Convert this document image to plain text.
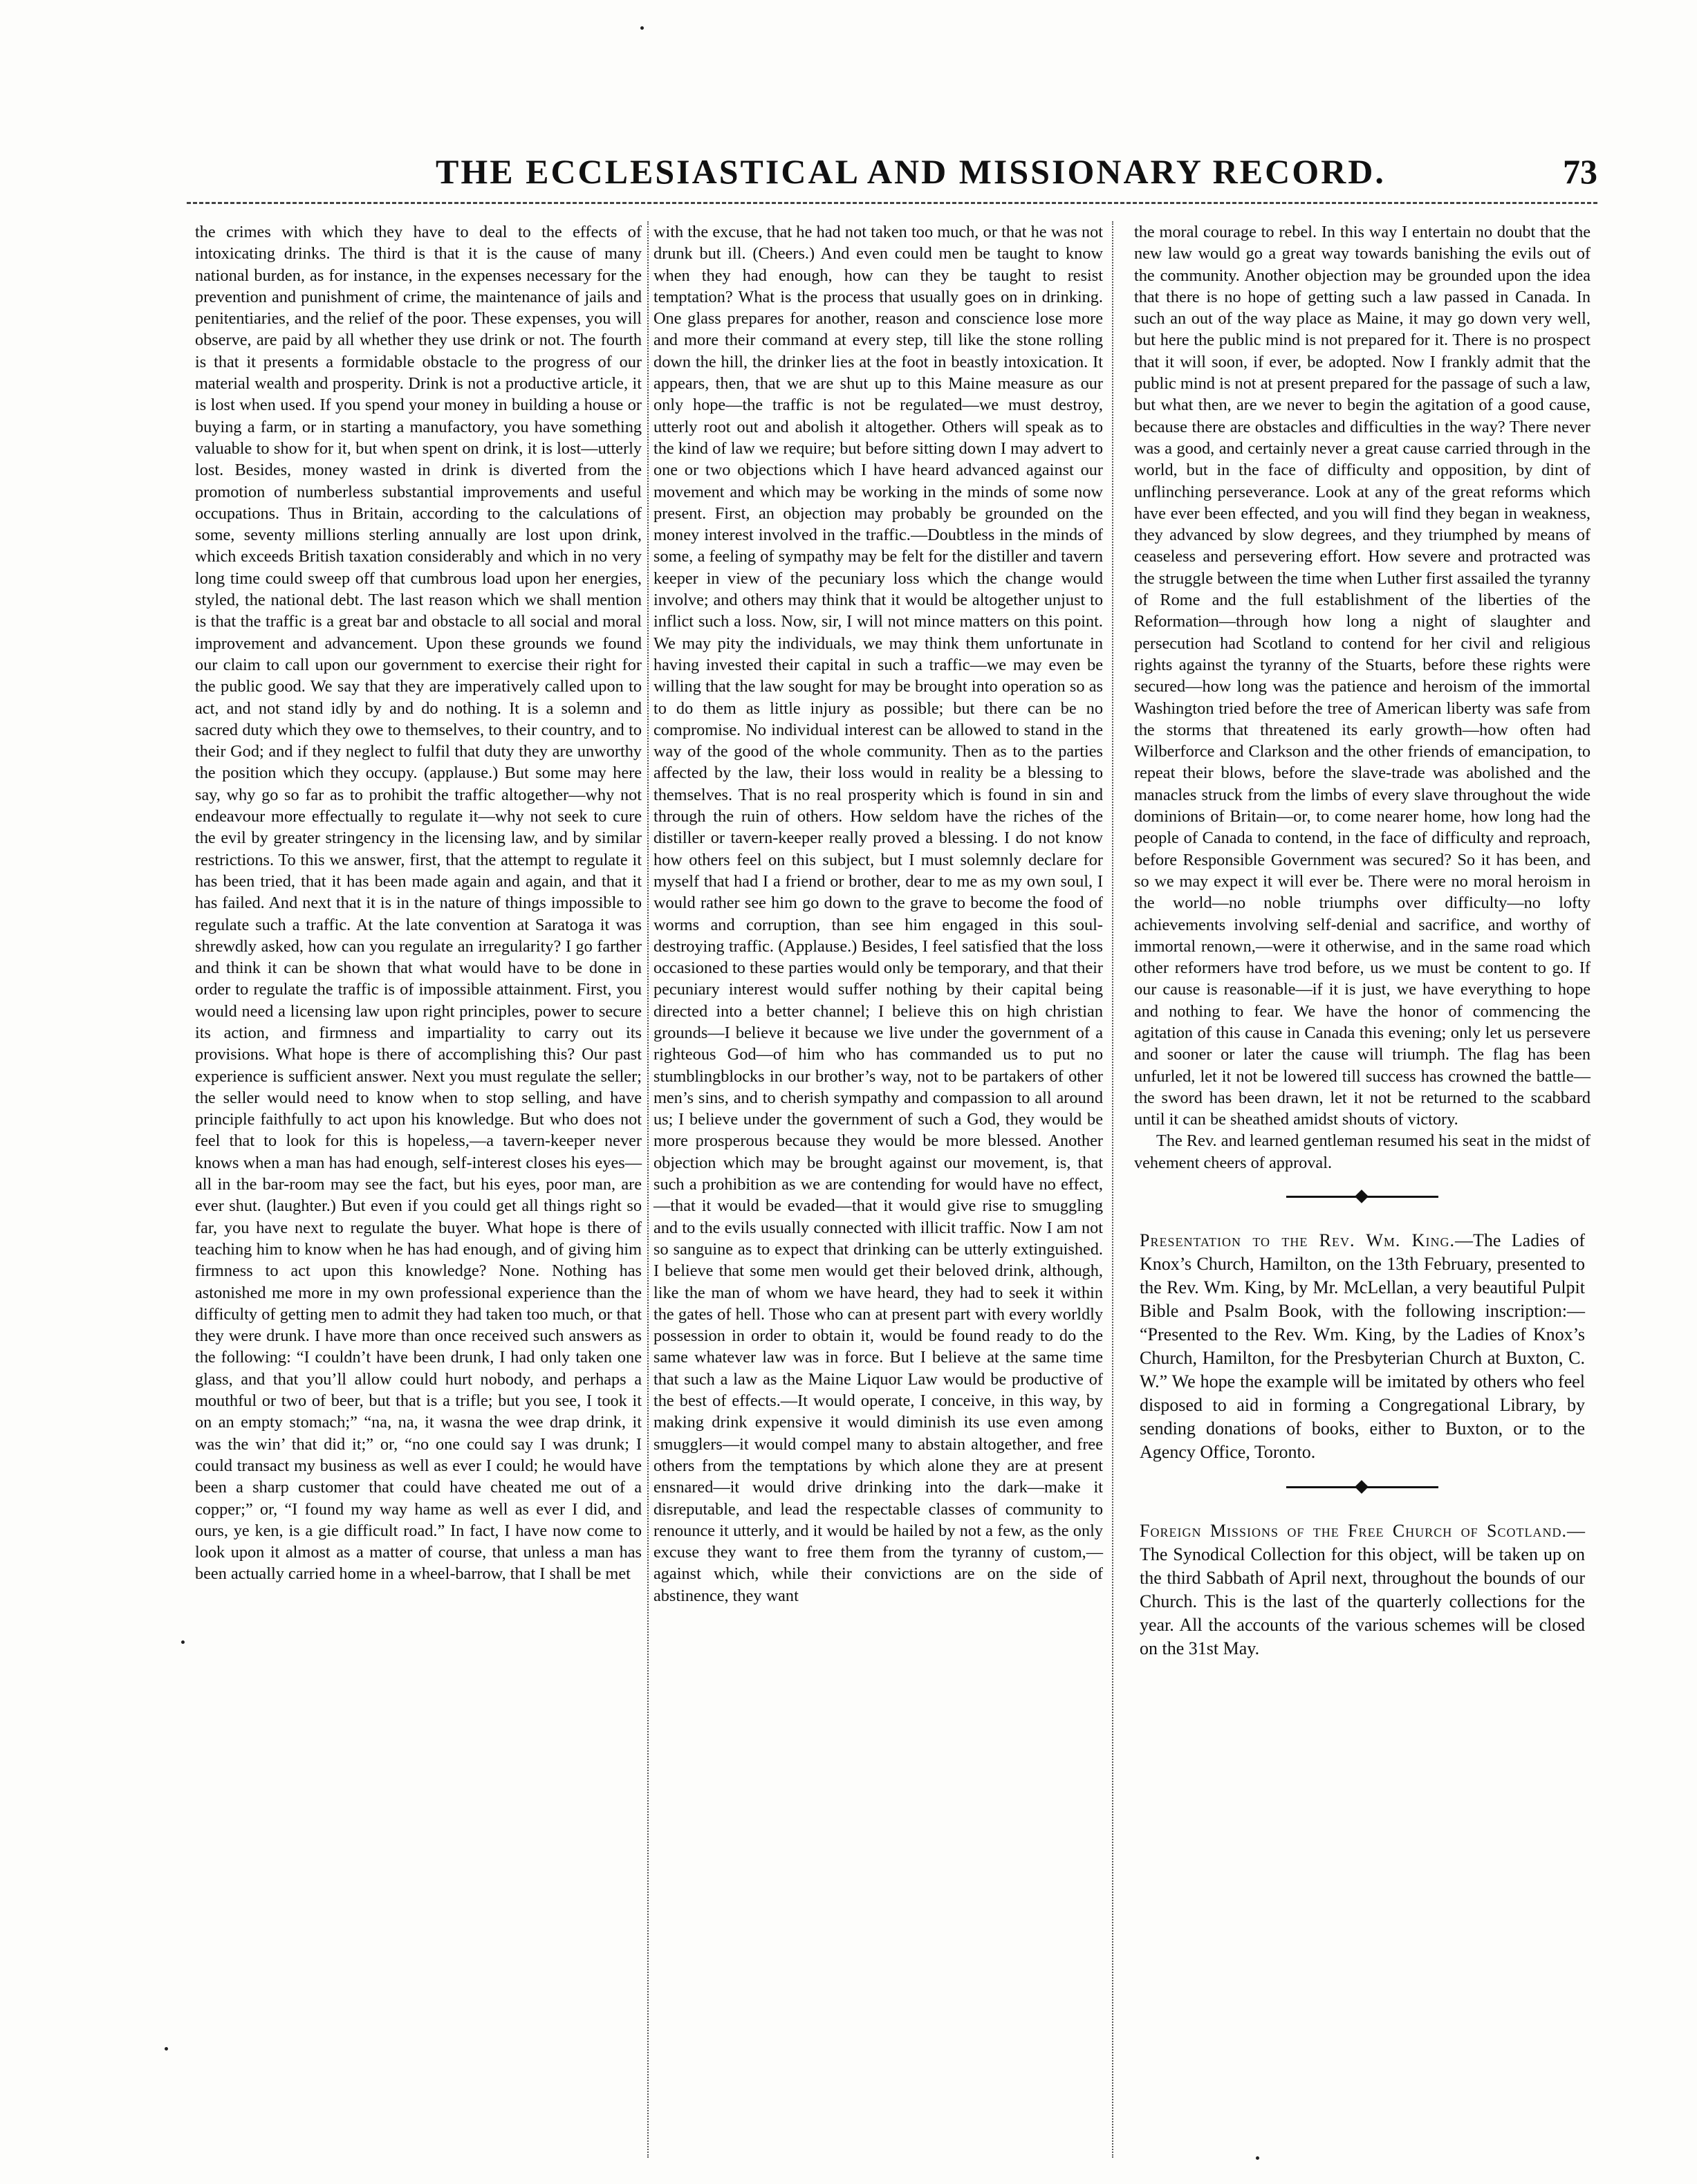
THE ECCLESIASTICAL AND MISSIONARY RECORD.	73

the crimes with which they have to deal to the effects of intoxicating drinks. The third is that it is the cause of many national burden, as for instance, in the expenses necessary for the prevention and punishment of crime, the maintenance of jails and penitentiaries, and the relief of the poor. These expenses, you will observe, are paid by all whether they use drink or not. The fourth is that it presents a formidable obstacle to the progress of our material wealth and prosperity. Drink is not a productive article, it is lost when used. If you spend your money in building a house or buying a farm, or in starting a manufactory, you have something valuable to show for it, but when spent on drink, it is lost—utterly lost. Besides, money wasted in drink is diverted from the promotion of numberless substantial improvements and useful occupations. Thus in Britain, according to the calculations of some, seventy millions sterling annually are lost upon drink, which exceeds British taxation considerably and which in no very long time could sweep off that cumbrous load upon her energies, styled, the national debt. The last reason which we shall mention is that the traffic is a great bar and obstacle to all social and moral improvement and advancement. Upon these grounds we found our claim to call upon our government to exercise their right for the public good. We say that they are imperatively called upon to act, and not stand idly by and do nothing. It is a solemn and sacred duty which they owe to themselves, to their country, and to their God; and if they neglect to fulfil that duty they are unworthy the position which they occupy. (applause.) But some may here say, why go so far as to prohibit the traffic altogether—why not endeavour more effectually to regulate it—why not seek to cure the evil by greater stringency in the licensing law, and by similar restrictions. To this we answer, first, that the attempt to regulate it has been tried, that it has been made again and again, and that it has failed. And next that it is in the nature of things impossible to regulate such a traffic. At the late convention at Saratoga it was shrewdly asked, how can you regulate an irregularity? I go farther and think it can be shown that what would have to be done in order to regulate the traffic is of impossible attainment. First, you would need a licensing law upon right principles, power to secure its action, and firmness and impartiality to carry out its provisions. What hope is there of accomplishing this? Our past experience is sufficient answer. Next you must regulate the seller; the seller would need to know when to stop selling, and have principle faithfully to act upon his knowledge. But who does not feel that to look for this is hopeless,—a tavern-keeper never knows when a man has had enough, self-interest closes his eyes—all in the bar-room may see the fact, but his eyes, poor man, are ever shut. (laughter.) But even if you could get all things right so far, you have next to regulate the buyer. What hope is there of teaching him to know when he has had enough, and of giving him firmness to act upon this knowledge? None. Nothing has astonished me more in my own professional experience than the difficulty of getting men to admit they had taken too much, or that they were drunk. I have more than once received such answers as the following: “I couldn’t have been drunk, I had only taken one glass, and that you’ll allow could hurt nobody, and perhaps a mouthful or two of beer, but that is a trifle; but you see, I took it on an empty stomach;” “na, na, it wasna the wee drap drink, it was the win’ that did it;” or, “no one could say I was drunk; I could transact my business as well as ever I could; he would have been a sharp customer that could have cheated me out of a copper;” or, “I found my way hame as well as ever I did, and ours, ye ken, is a gie difficult road.” In fact, I have now come to look upon it almost as a matter of course, that unless a man has been actually carried home in a wheel-barrow, that I shall be met

with the excuse, that he had not taken too much, or that he was not drunk but ill. (Cheers.) And even could men be taught to know when they had enough, how can they be taught to resist temptation? What is the process that usually goes on in drinking. One glass prepares for another, reason and conscience lose more and more their command at every step, till like the stone rolling down the hill, the drinker lies at the foot in beastly intoxication. It appears, then, that we are shut up to this Maine measure as our only hope—the traffic is not be regulated—we must destroy, utterly root out and abolish it altogether. Others will speak as to the kind of law we require; but before sitting down I may advert to one or two objections which I have heard advanced against our movement and which may be working in the minds of some now present. First, an objection may probably be grounded on the money interest involved in the traffic.—Doubtless in the minds of some, a feeling of sympathy may be felt for the distiller and tavern keeper in view of the pecuniary loss which the change would involve; and others may think that it would be altogether unjust to inflict such a loss. Now, sir, I will not mince matters on this point. We may pity the individuals, we may think them unfortunate in having invested their capital in such a traffic—we may even be willing that the law sought for may be brought into operation so as to do them as little injury as possible; but there can be no compromise. No individual interest can be allowed to stand in the way of the good of the whole community. Then as to the parties affected by the law, their loss would in reality be a blessing to themselves. That is no real prosperity which is found in sin and through the ruin of others. How seldom have the riches of the distiller or tavern-keeper really proved a blessing. I do not know how others feel on this subject, but I must solemnly declare for myself that had I a friend or brother, dear to me as my own soul, I would rather see him go down to the grave to become the food of worms and corruption, than see him engaged in this soul-destroying traffic. (Applause.) Besides, I feel satisfied that the loss occasioned to these parties would only be temporary, and that their pecuniary interest would suffer nothing by their capital being directed into a better channel; I believe this on high christian grounds—I believe it because we live under the government of a righteous God—of him who has commanded us to put no stumblingblocks in our brother’s way, not to be partakers of other men’s sins, and to cherish sympathy and compassion to all around us; I believe under the government of such a God, they would be more prosperous because they would be more blessed. Another objection which may be brought against our movement, is, that such a prohibition as we are contending for would have no effect,—that it would be evaded—that it would give rise to smuggling and to the evils usually connected with illicit traffic. Now I am not so sanguine as to expect that drinking can be utterly extinguished. I believe that some men would get their beloved drink, although, like the man of whom we have heard, they had to seek it within the gates of hell. Those who can at present part with every worldly possession in order to obtain it, would be found ready to do the same whatever law was in force. But I believe at the same time that such a law as the Maine Liquor Law would be productive of the best of effects.—It would operate, I conceive, in this way, by making drink expensive it would diminish its use even among smugglers—it would compel many to abstain altogether, and free others from the temptations by which alone they are at present ensnared—it would drive drinking into the dark—make it disreputable, and lead the respectable classes of community to renounce it utterly, and it would be hailed by not a few, as the only excuse they want to free them from the tyranny of custom,—against which, while their convictions are on the side of abstinence, they want

the moral courage to rebel. In this way I entertain no doubt that the new law would go a great way towards banishing the evils out of the community. Another objection may be grounded upon the idea that there is no hope of getting such a law passed in Canada. In such an out of the way place as Maine, it may go down very well, but here the public mind is not prepared for it. There is no prospect that it will soon, if ever, be adopted. Now I frankly admit that the public mind is not at present prepared for the passage of such a law, but what then, are we never to begin the agitation of a good cause, because there are obstacles and difficulties in the way? There never was a good, and certainly never a great cause carried through in the world, but in the face of difficulty and opposition, by dint of unflinching perseverance. Look at any of the great reforms which have ever been effected, and you will find they began in weakness, they advanced by slow degrees, and they triumphed by means of ceaseless and persevering effort. How severe and protracted was the struggle between the time when Luther first assailed the tyranny of Rome and the full establishment of the liberties of the Reformation—through how long a night of slaughter and persecution had Scotland to contend for her civil and religious rights against the tyranny of the Stuarts, before these rights were secured—how long was the patience and heroism of the immortal Washington tried before the tree of American liberty was safe from the storms that threatened its early growth—how often had Wilberforce and Clarkson and the other friends of emancipation, to repeat their blows, before the slave-trade was abolished and the manacles struck from the limbs of every slave throughout the wide dominions of Britain—or, to come nearer home, how long had the people of Canada to contend, in the face of difficulty and reproach, before Responsible Government was secured? So it has been, and so we may expect it will ever be. There were no moral heroism in the world—no noble triumphs over difficulty—no lofty achievements involving self-denial and sacrifice, and worthy of immortal renown,—were it otherwise, and in the same road which other reformers have trod before, us we must be content to go. If our cause is reasonable—if it is just, we have everything to hope and nothing to fear. We have the honor of commencing the agitation of this cause in Canada this evening; only let us persevere and sooner or later the cause will triumph. The flag has been unfurled, let it not be lowered till success has crowned the battle—the sword has been drawn, let it not be returned to the scabbard until it can be sheathed amidst shouts of victory.

The Rev. and learned gentleman resumed his seat in the midst of vehement cheers of approval.

Presentation to the Rev. Wm. King.—The Ladies of Knox’s Church, Hamilton, on the 13th February, presented to the Rev. Wm. King, by Mr. McLellan, a very beautiful Pulpit Bible and Psalm Book, with the following inscription:— “Presented to the Rev. Wm. King, by the Ladies of Knox’s Church, Hamilton, for the Presbyterian Church at Buxton, C. W.” We hope the example will be imitated by others who feel disposed to aid in forming a Congregational Library, by sending donations of books, either to Buxton, or to the Agency Office, Toronto.

Foreign Missions of the Free Church of Scotland.—The Synodical Collection for this object, will be taken up on the third Sabbath of April next, throughout the bounds of our Church. This is the last of the quarterly collections for the year. All the accounts of the various schemes will be closed on the 31st May.
